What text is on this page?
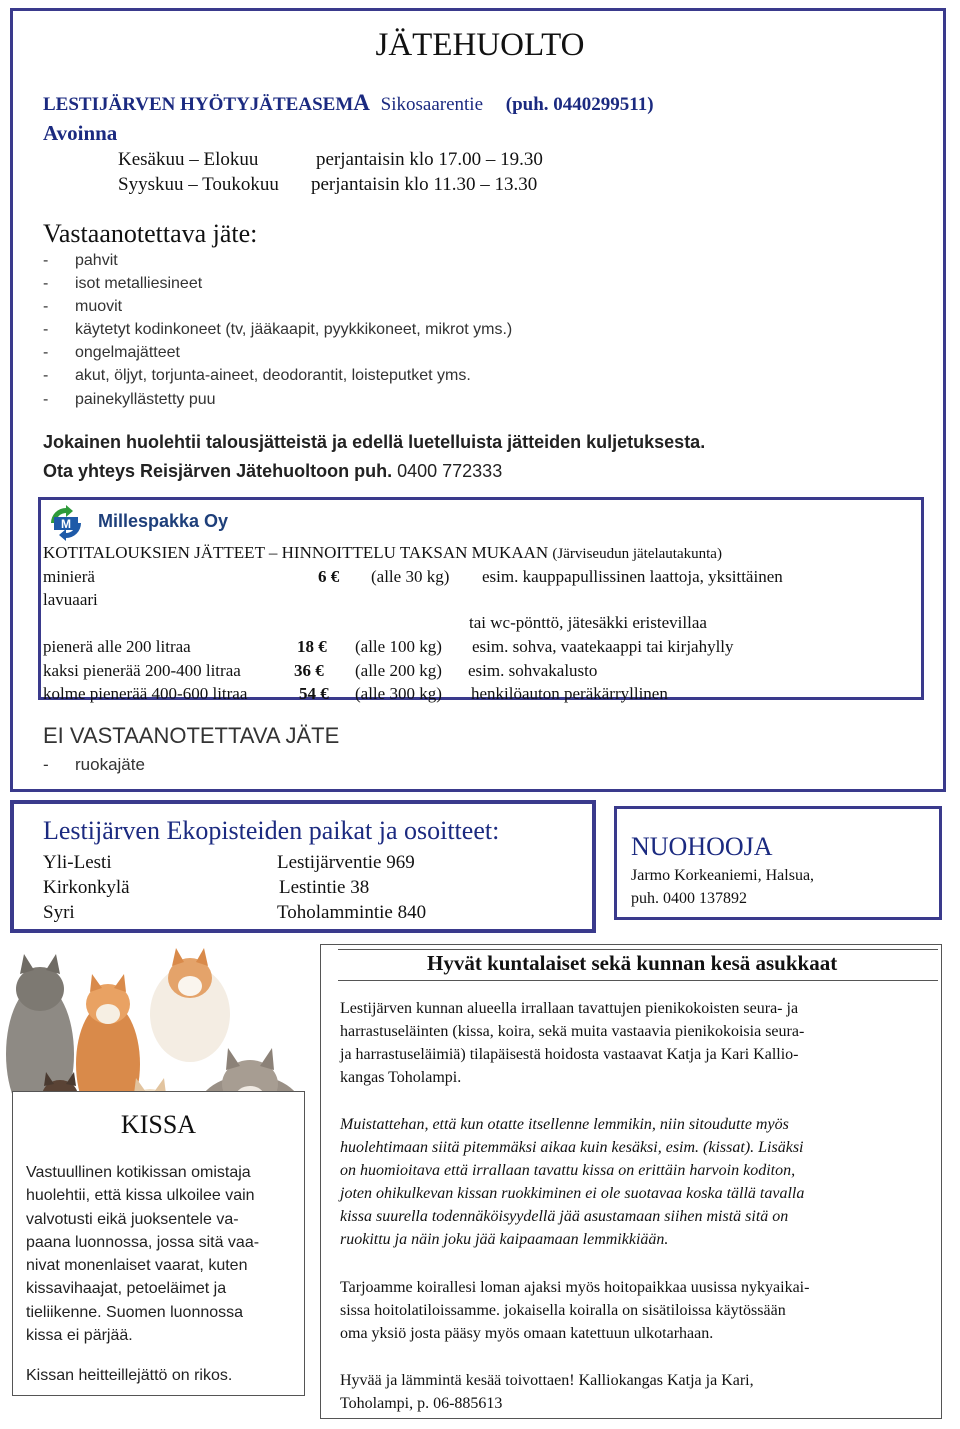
JÄTEHUOLTO
LESTIJÄRVEN HYÖTYJÄTEASEMA Sikosaarentie (puh. 0440299511)
Avoinna
Kesäkuu – Elokuu	perjantaisin klo 17.00 – 19.30
Syyskuu – Toukokuu perjantaisin klo 11.30 – 13.30
Vastaanotettava jäte:
- pahvit
- isot metalliesineet
- muovit
- käytetyt kodinkoneet (tv, jääkaapit, pyykkikoneet, mikrot yms.)
- ongelmajätteet
- akut, öljyt, torjunta-aineet, deodorantit, loisteputket yms.
- painekyllästetty puu
Jokainen huolehtii talousjätteistä ja edellä luetelluista jätteiden kuljetuksesta.
Ota yhteys Reisjärven Jätehuoltoon puh. 0400 772333
M Millespakka Oy
KOTITALOUKSIEN JÄTTEET – HINNOITTELU TAKSAN MUKAAN (Järviseudun jätelautakunta)
minierä	6 € (alle 30 kg) esim. kauppapullissinen laattoja, yksittäinen
lavuaari
tai wc-pönttö, jätesäkki eristevillaa
pienerä alle 200 litraa	18 € (alle 100 kg) esim. sohva, vaatekaappi tai kirjahylly
kaksi pienerää 200-400 litraa	36 € (alle 200 kg) esim. sohvakalusto
kolme pienerää 400-600 litraa	54 € (alle 300 kg) henkilöauton peräkärryllinen
EI VASTAANOTETTAVA JÄTE
- ruokajäte
Lestijärven Ekopisteiden paikat ja osoitteet:
Yli-Lesti	Lestijärventie 969
Kirkonkylä	Lestintie 38
Syri	Toholammintie 840
NUOHOOJA
Jarmo Korkeaniemi, Halsua,
puh. 0400 137892
Hyvät kuntalaiset sekä kunnan kesä asukkaat
Lestijärven kunnan alueella irrallaan tavattujen pienikokoisten seura- ja
harrastuseläinten (kissa, koira, sekä muita vastaavia pienikokoisia seura-
ja harrastuseläimiä) tilapäisestä hoidosta vastaavat Katja ja Kari Kallio-
kangas Toholampi.
Muistattehan, että kun otatte itsellenne lemmikin, niin sitoudutte myös
huolehtimaan siitä pitemmäksi aikaa kuin kesäksi, esim. (kissat). Lisäksi
on huomioitava että irrallaan tavattu kissa on erittäin harvoin koditon,
joten ohikulkevan kissan ruokkiminen ei ole suotavaa koska tällä tavalla
kissa suurella todennäköisyydellä jää asustamaan siihen mistä sitä on
ruokittu ja näin joku jää kaipaamaan lemmikkiään.
Tarjoamme koirallesi loman ajaksi myös hoitopaikkaa uusissa nykyaikai-
sissa hoitolatiloissamme. jokaisella koiralla on sisätiloissa käytössään
oma yksiö josta pääsy myös omaan katettuun ulkotarhaan.
Hyvää ja lämmintä kesää toivottaen! Kalliokangas Katja ja Kari,
Toholampi, p. 06-885613
KISSA
Vastuullinen kotikissan omistaja
huolehtii, että kissa ulkoilee vain
valvotusti eikä juoksentele va-
paana luonnossa, jossa sitä vaa-
nivat monenlaiset vaarat, kuten
kissavihaajat, petoeläimet ja
tieliikenne. Suomen luonnossa
kissa ei pärjää.
Kissan heitteillejättö on rikos.
